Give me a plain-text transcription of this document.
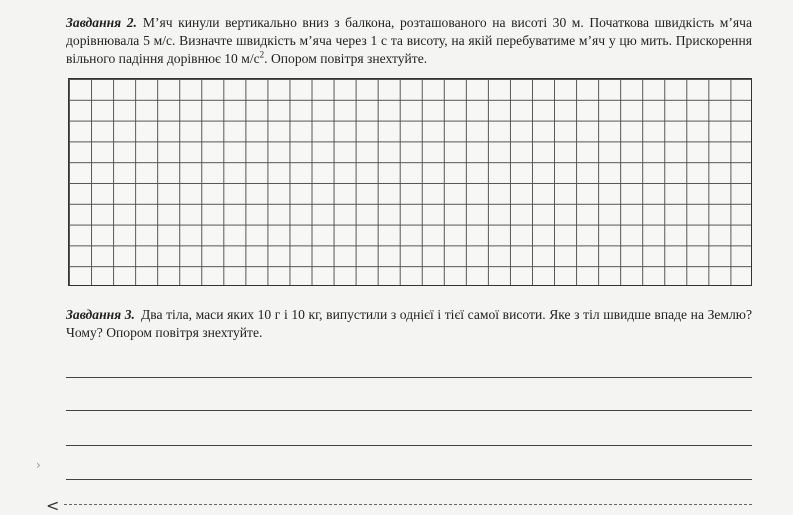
Завдання 2. М’яч кинули вертикально вниз з балкона, розташованого на висоті 30 м. Початкова швидкість м’яча дорівнювала 5 м/с. Визначте швидкість м’яча через 1 с та висоту, на якій перебуватиме м’яч у цю мить. Прискорення вільного падіння дорівнює 10 $м/с^2$. Опором повітря знехтуйте.
Завдання 3. Два тіла, маси яких 10 г і 10 кг, випустили з однієї і тієї самої висоти. Яке з тіл швидше впаде на Землю? Чому? Опором повітря знехтуйте.
›
<
